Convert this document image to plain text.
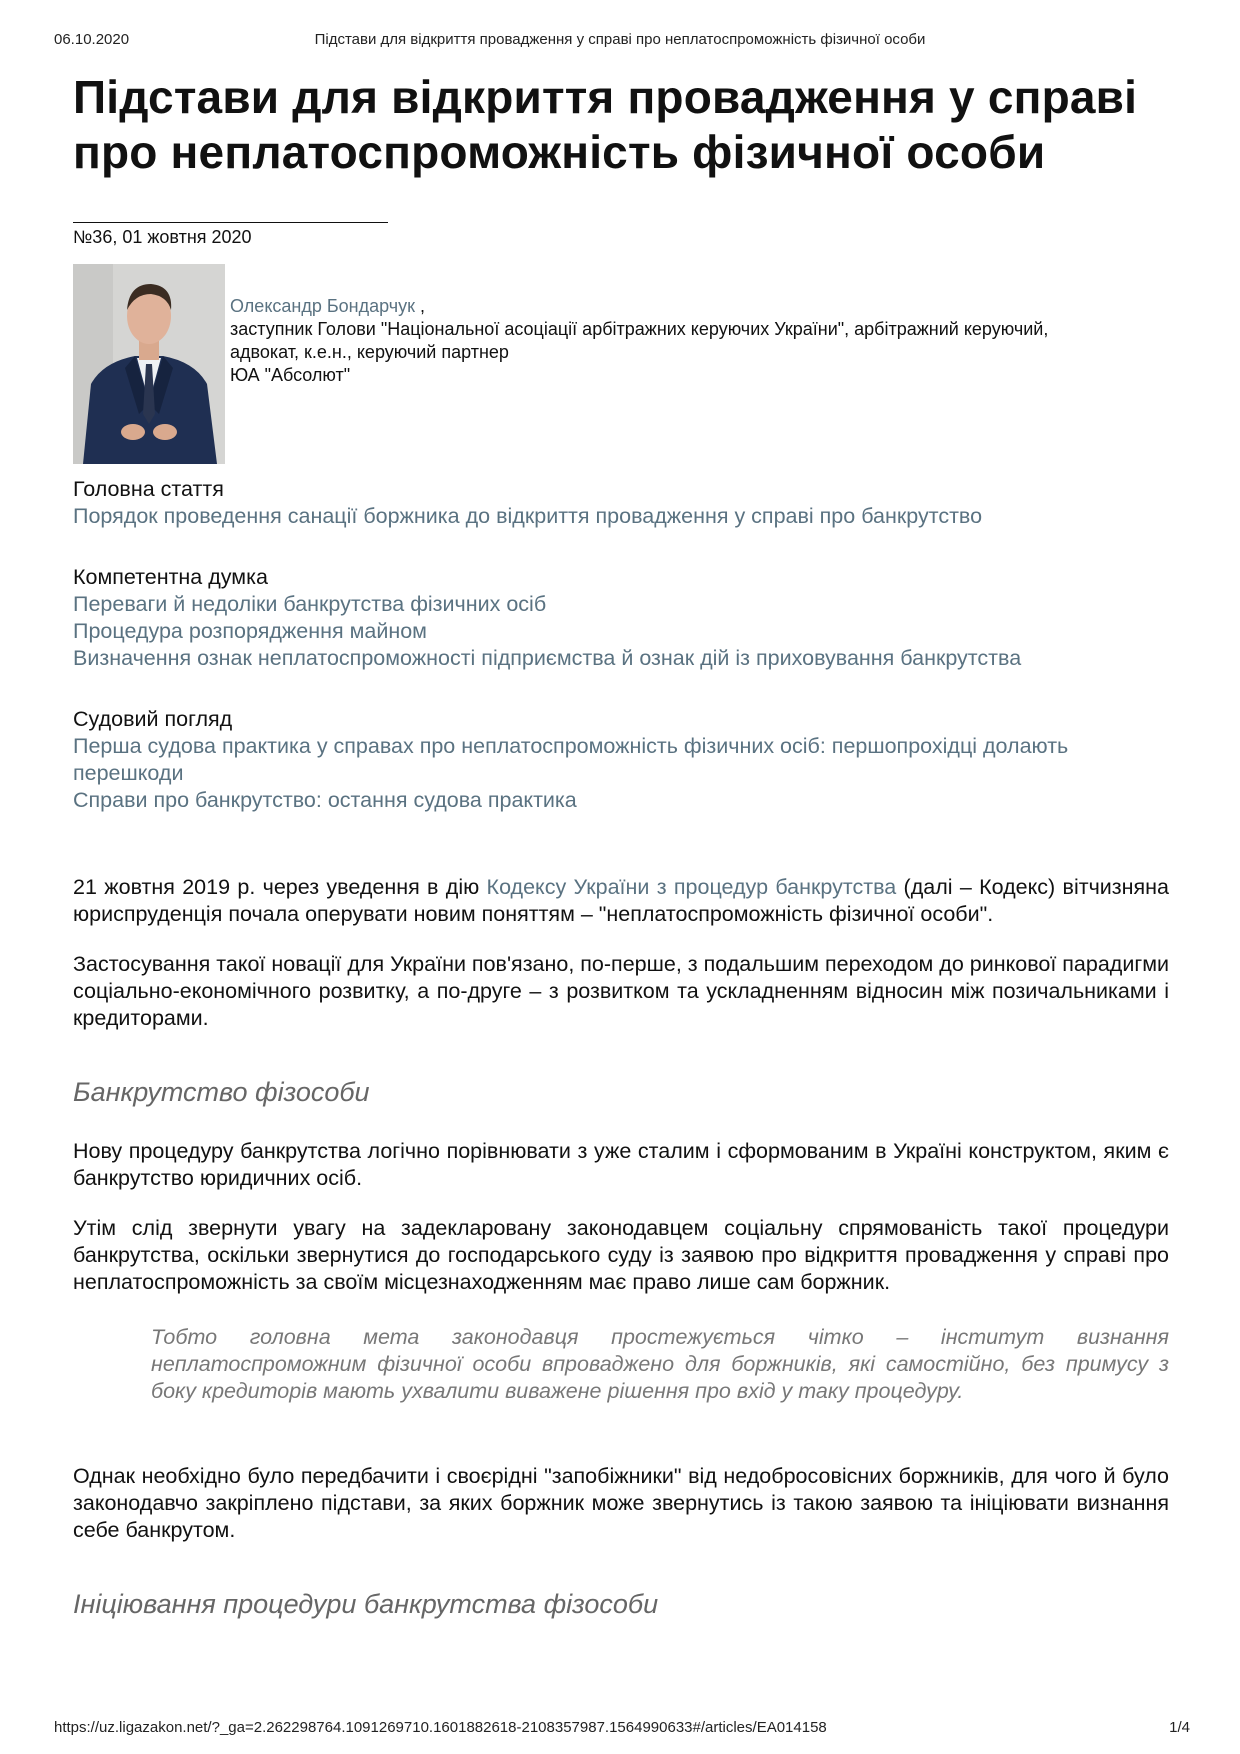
06.10.2020	Підстави для відкриття провадження у справі про неплатоспроможність фізичної особи
Підстави для відкриття провадження у справі про неплатоспроможність фізичної особи
№36, 01 жовтня 2020
Олександр Бондарчук ,
заступник Голови "Національної асоціації арбітражних керуючих України", арбітражний керуючий,
адвокат, к.е.н., керуючий партнер
ЮА "Абсолют"
Головна стаття
Порядок проведення санації боржника до відкриття провадження у справі про банкрутство
Компетентна думка
Переваги й недоліки банкрутства фізичних осіб
Процедура розпорядження майном
Визначення ознак неплатоспроможності підприємства й ознак дій із приховування банкрутства
Судовий погляд
Перша судова практика у справах про неплатоспроможність фізичних осіб: першопрохідці долають перешкоди
Справи про банкрутство: остання судова практика

21 жовтня 2019 р. через уведення в дію Кодексу України з процедур банкрутства (далі – Кодекс) вітчизняна юриспруденція почала оперувати новим поняттям – "неплатоспроможність фізичної особи".

Застосування такої новації для України пов'язано, по-перше, з подальшим переходом до ринкової парадигми соціально-економічного розвитку, а по-друге – з розвитком та ускладненням відносин між позичальниками і кредиторами.

Банкрутство фізособи

Нову процедуру банкрутства логічно порівнювати з уже сталим і сформованим в Україні конструктом, яким є банкрутство юридичних осіб.

Утім слід звернути увагу на задекларовану законодавцем соціальну спрямованість такої процедури банкрутства, оскільки звернутися до господарського суду із заявою про відкриття провадження у справі про неплатоспроможність за своїм місцезнаходженням має право лише сам боржник.

Тобто головна мета законодавця простежується чітко – інститут визнання неплатоспроможним фізичної особи впроваджено для боржників, які самостійно, без примусу з боку кредиторів мають ухвалити виважене рішення про вхід у таку процедуру.

Однак необхідно було передбачити і своєрідні "запобіжники" від недобросовісних боржників, для чого й було законодавчо закріплено підстави, за яких боржник може звернутись із такою заявою та ініціювати визнання себе банкрутом.

Ініціювання процедури банкрутства фізособи
https://uz.ligazakon.net/?_ga=2.262298764.1091269710.1601882618-2108357987.1564990633#/articles/EA014158	1/4
